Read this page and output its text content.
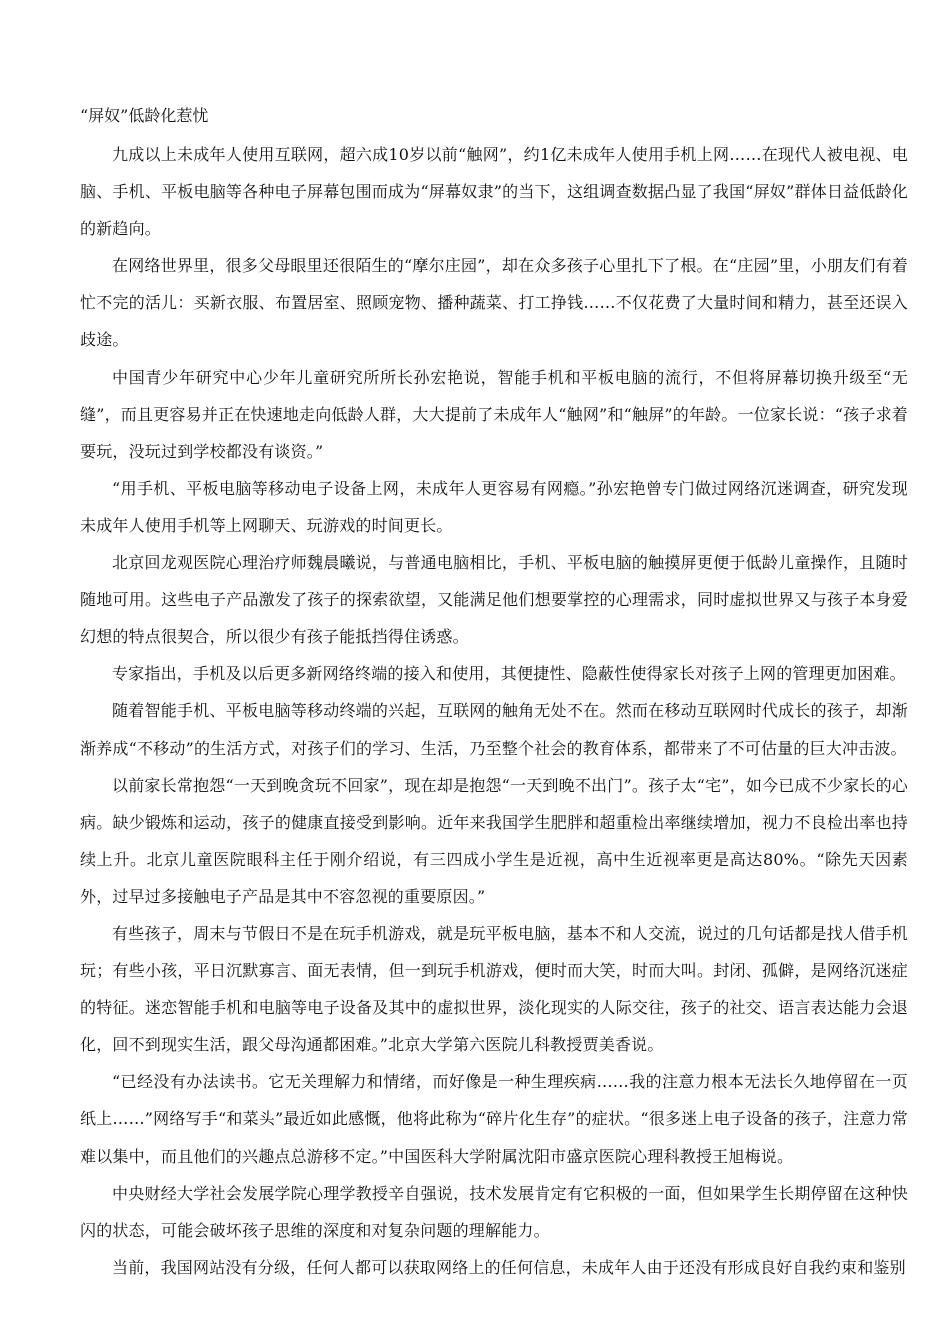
“屏奴”低龄化惹忧

九成以上未成年人使用互联网，超六成10岁以前“触网”，约1亿未成年人使用手机上网……在现代人被电视、电脑、手机、平板电脑等各种电子屏幕包围而成为“屏幕奴隶”的当下，这组调查数据凸显了我国“屏奴”群体日益低龄化的新趋向。

在网络世界里，很多父母眼里还很陌生的“摩尔庄园”，却在众多孩子心里扎下了根。在“庄园”里，小朋友们有着忙不完的活儿：买新衣服、布置居室、照顾宠物、播种蔬菜、打工挣钱……不仅花费了大量时间和精力，甚至还误入歧途。

中国青少年研究中心少年儿童研究所所长孙宏艳说，智能手机和平板电脑的流行，不但将屏幕切换升级至“无缝”，而且更容易并正在快速地走向低龄人群，大大提前了未成年人“触网”和“触屏”的年龄。一位家长说：“孩子求着要玩，没玩过到学校都没有谈资。”

“用手机、平板电脑等移动电子设备上网，未成年人更容易有网瘾。”孙宏艳曾专门做过网络沉迷调查，研究发现未成年人使用手机等上网聊天、玩游戏的时间更长。

北京回龙观医院心理治疗师魏晨曦说，与普通电脑相比，手机、平板电脑的触摸屏更便于低龄儿童操作，且随时随地可用。这些电子产品激发了孩子的探索欲望，又能满足他们想要掌控的心理需求，同时虚拟世界又与孩子本身爱幻想的特点很契合，所以很少有孩子能抵挡得住诱惑。

专家指出，手机及以后更多新网络终端的接入和使用，其便捷性、隐蔽性使得家长对孩子上网的管理更加困难。

随着智能手机、平板电脑等移动终端的兴起，互联网的触角无处不在。然而在移动互联网时代成长的孩子，却渐渐养成“不移动”的生活方式，对孩子们的学习、生活，乃至整个社会的教育体系，都带来了不可估量的巨大冲击波。

以前家长常抱怨“一天到晚贪玩不回家”，现在却是抱怨“一天到晚不出门”。孩子太“宅”，如今已成不少家长的心病。缺少锻炼和运动，孩子的健康直接受到影响。近年来我国学生肥胖和超重检出率继续增加，视力不良检出率也持续上升。北京儿童医院眼科主任于刚介绍说，有三四成小学生是近视，高中生近视率更是高达80%。“除先天因素外，过早过多接触电子产品是其中不容忽视的重要原因。”

有些孩子，周末与节假日不是在玩手机游戏，就是玩平板电脑，基本不和人交流，说过的几句话都是找人借手机玩；有些小孩，平日沉默寡言、面无表情，但一到玩手机游戏，便时而大笑，时而大叫。封闭、孤僻，是网络沉迷症的特征。迷恋智能手机和电脑等电子设备及其中的虚拟世界，淡化现实的人际交往，孩子的社交、语言表达能力会退化，回不到现实生活，跟父母沟通都困难。”北京大学第六医院儿科教授贾美香说。

“已经没有办法读书。它无关理解力和情绪，而好像是一种生理疾病……我的注意力根本无法长久地停留在一页纸上……”网络写手“和菜头”最近如此感慨，他将此称为“碎片化生存”的症状。“很多迷上电子设备的孩子，注意力常难以集中，而且他们的兴趣点总游移不定。”中国医科大学附属沈阳市盛京医院心理科教授王旭梅说。

中央财经大学社会发展学院心理学教授辛自强说，技术发展肯定有它积极的一面，但如果学生长期停留在这种快闪的状态，可能会破坏孩子思维的深度和对复杂问题的理解能力。

当前，我国网站没有分级，任何人都可以获取网络上的任何信息，未成年人由于还没有形成良好自我约束和鉴别
